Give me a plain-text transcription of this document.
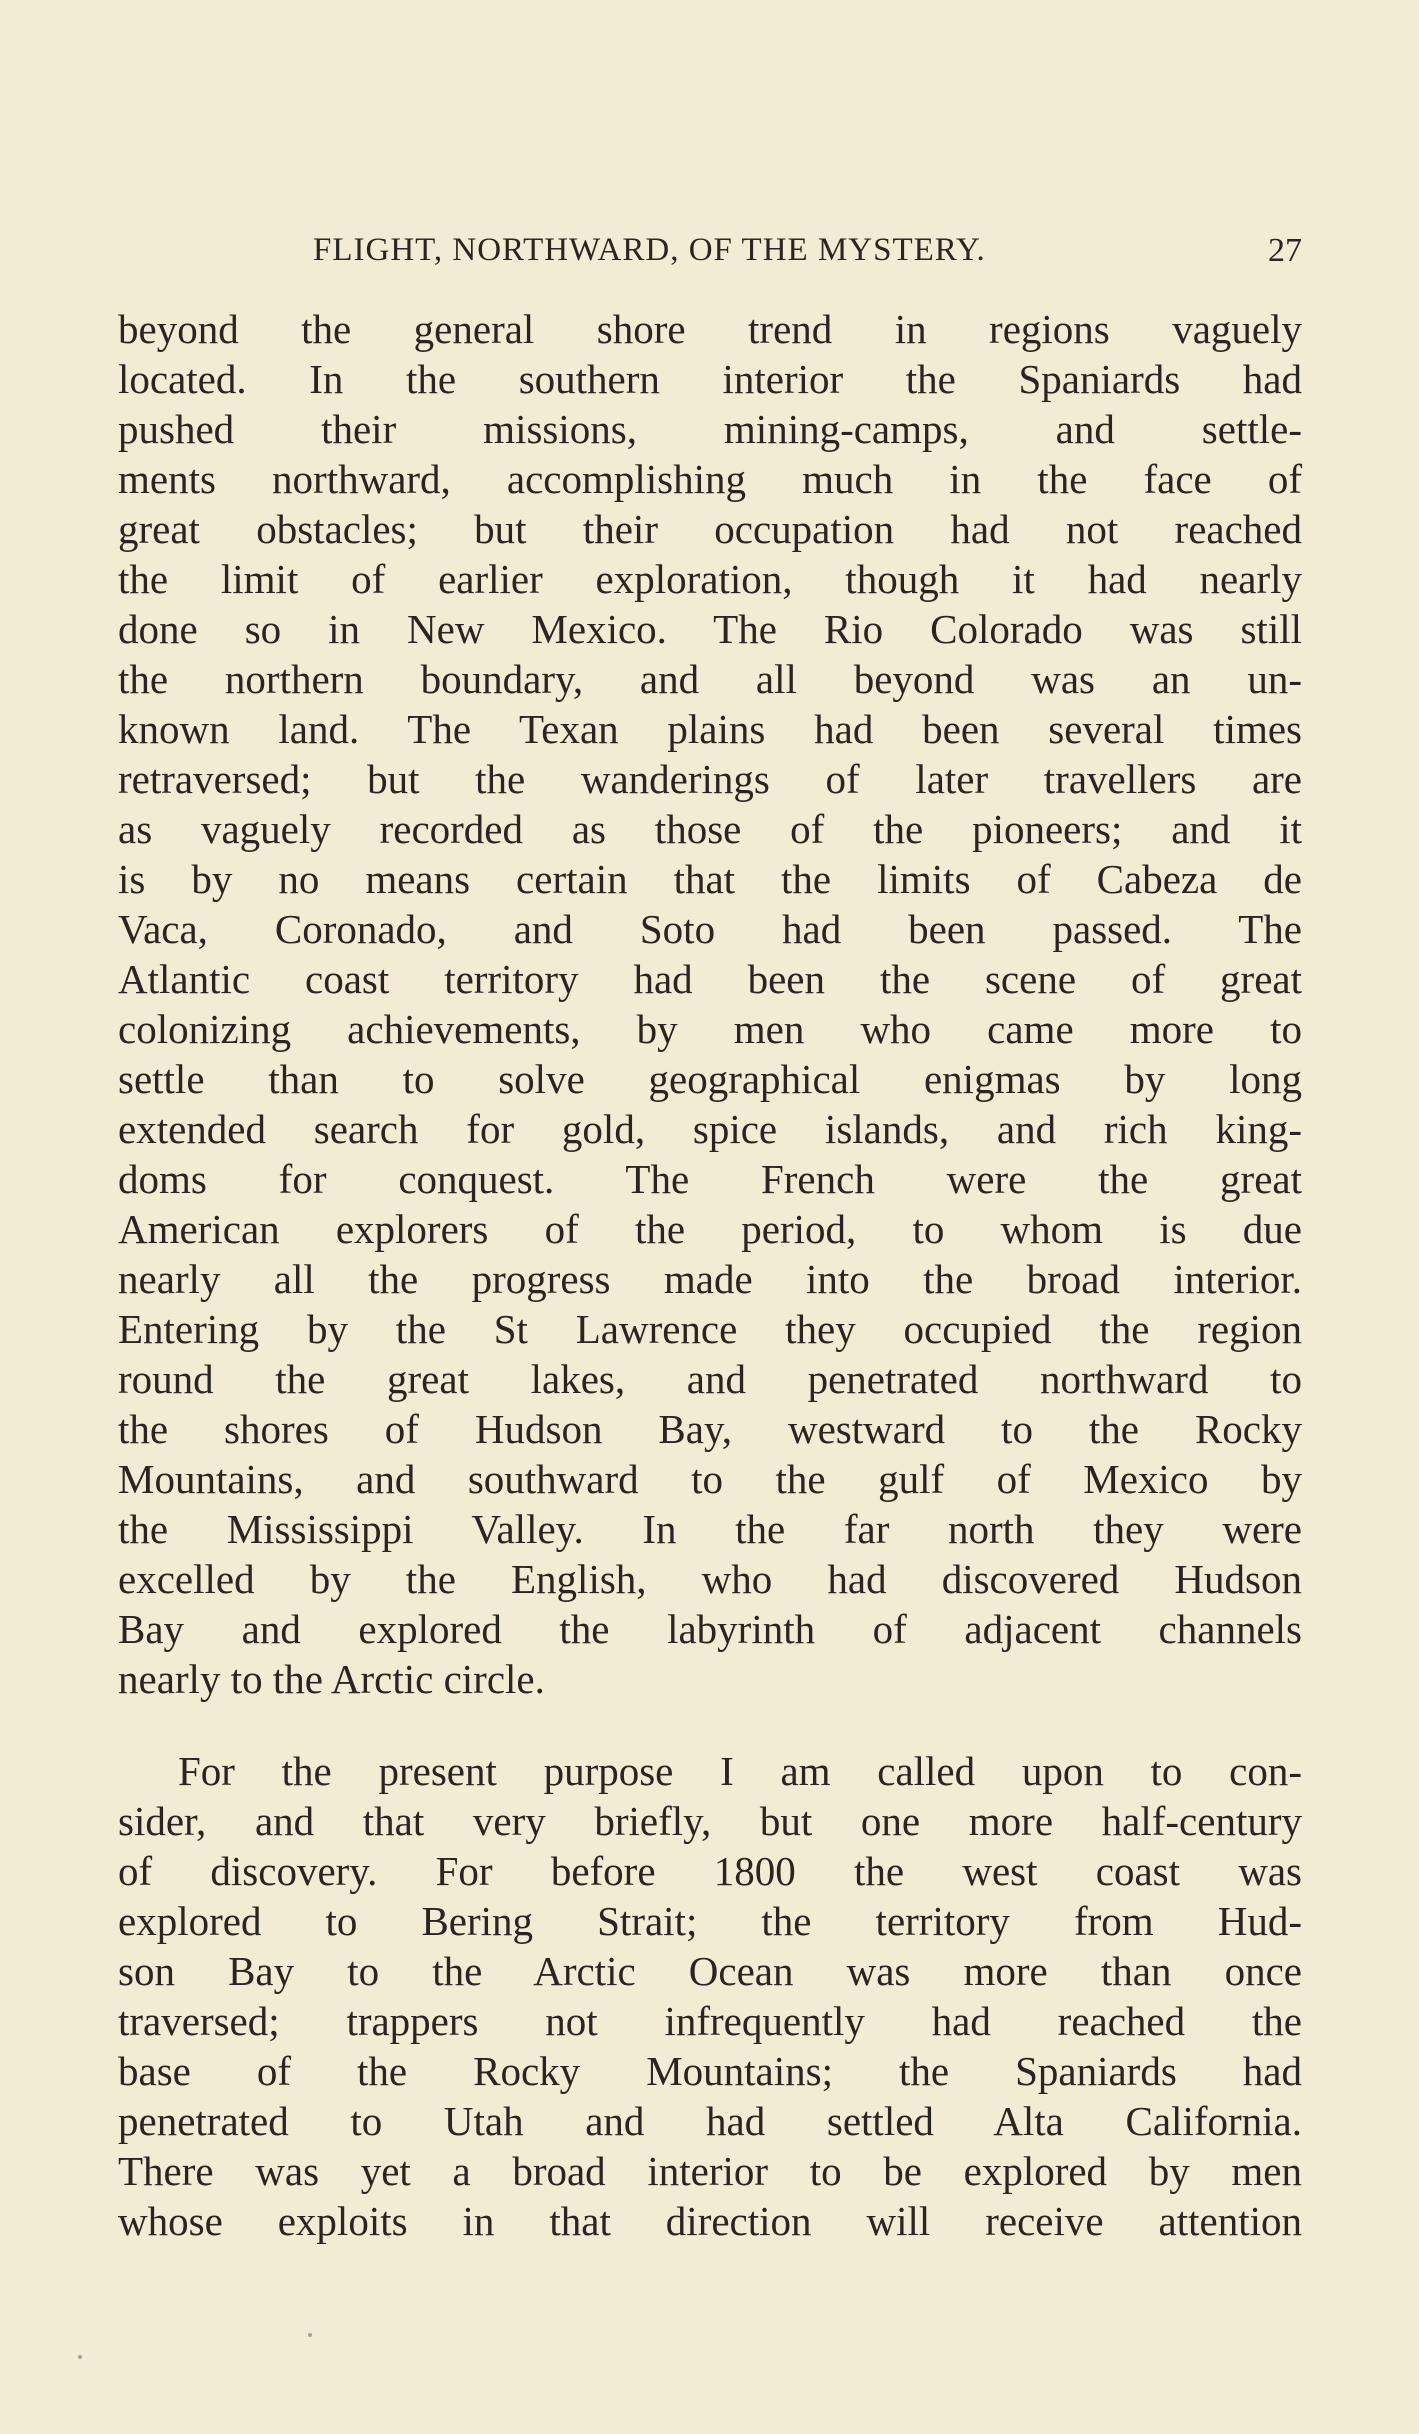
FLIGHT, NORTHWARD, OF THE MYSTERY.	27
beyond the general shore trend in regions vaguely
located. In the southern interior the Spaniards had
pushed their missions, mining-camps, and settle-
ments northward, accomplishing much in the face of
great obstacles; but their occupation had not reached
the limit of earlier exploration, though it had nearly
done so in New Mexico. The Rio Colorado was still
the northern boundary, and all beyond was an un-
known land. The Texan plains had been several times
retraversed; but the wanderings of later travellers are
as vaguely recorded as those of the pioneers; and it
is by no means certain that the limits of Cabeza de
Vaca, Coronado, and Soto had been passed. The
Atlantic coast territory had been the scene of great
colonizing achievements, by men who came more to
settle than to solve geographical enigmas by long
extended search for gold, spice islands, and rich king-
doms for conquest. The French were the great
American explorers of the period, to whom is due
nearly all the progress made into the broad interior.
Entering by the St Lawrence they occupied the region
round the great lakes, and penetrated northward to
the shores of Hudson Bay, westward to the Rocky
Mountains, and southward to the gulf of Mexico by
the Mississippi Valley. In the far north they were
excelled by the English, who had discovered Hudson
Bay and explored the labyrinth of adjacent channels
nearly to the Arctic circle.
For the present purpose I am called upon to con-
sider, and that very briefly, but one more half-century
of discovery. For before 1800 the west coast was
explored to Bering Strait; the territory from Hud-
son Bay to the Arctic Ocean was more than once
traversed; trappers not infrequently had reached the
base of the Rocky Mountains; the Spaniards had
penetrated to Utah and had settled Alta California.
There was yet a broad interior to be explored by men
whose exploits in that direction will receive attention
